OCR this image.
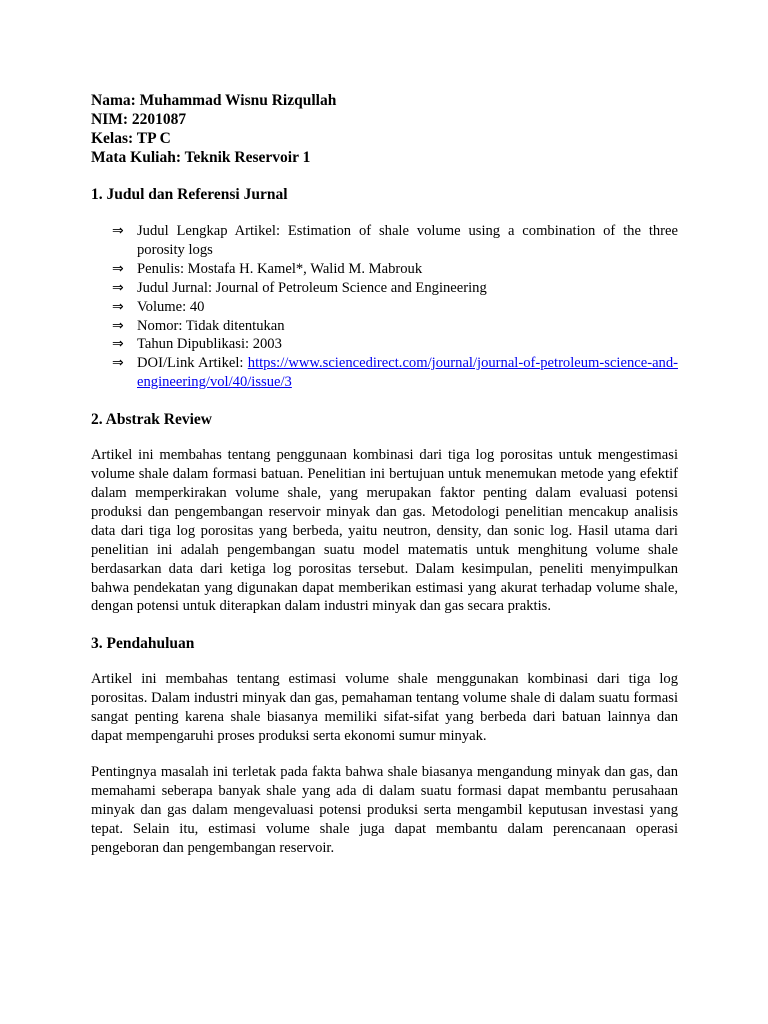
Nama: Muhammad Wisnu Rizqullah
NIM: 2201087
Kelas: TP C
Mata Kuliah: Teknik Reservoir 1
1. Judul dan Referensi Jurnal
⇒ Judul Lengkap Artikel: Estimation of shale volume using a combination of the three porosity logs
⇒ Penulis: Mostafa H. Kamel*, Walid M. Mabrouk
⇒ Judul Jurnal: Journal of Petroleum Science and Engineering
⇒ Volume: 40
⇒ Nomor: Tidak ditentukan
⇒ Tahun Dipublikasi: 2003
⇒ DOI/Link Artikel: https://www.sciencedirect.com/journal/journal-of-petroleum-science-and-engineering/vol/40/issue/3
2. Abstrak Review

Artikel ini membahas tentang penggunaan kombinasi dari tiga log porositas untuk mengestimasi volume shale dalam formasi batuan. Penelitian ini bertujuan untuk menemukan metode yang efektif dalam memperkirakan volume shale, yang merupakan faktor penting dalam evaluasi potensi produksi dan pengembangan reservoir minyak dan gas. Metodologi penelitian mencakup analisis data dari tiga log porositas yang berbeda, yaitu neutron, density, dan sonic log. Hasil utama dari penelitian ini adalah pengembangan suatu model matematis untuk menghitung volume shale berdasarkan data dari ketiga log porositas tersebut. Dalam kesimpulan, peneliti menyimpulkan bahwa pendekatan yang digunakan dapat memberikan estimasi yang akurat terhadap volume shale, dengan potensi untuk diterapkan dalam industri minyak dan gas secara praktis.

3. Pendahuluan

Artikel ini membahas tentang estimasi volume shale menggunakan kombinasi dari tiga log porositas. Dalam industri minyak dan gas, pemahaman tentang volume shale di dalam suatu formasi sangat penting karena shale biasanya memiliki sifat-sifat yang berbeda dari batuan lainnya dan dapat mempengaruhi proses produksi serta ekonomi sumur minyak.

Pentingnya masalah ini terletak pada fakta bahwa shale biasanya mengandung minyak dan gas, dan memahami seberapa banyak shale yang ada di dalam suatu formasi dapat membantu perusahaan minyak dan gas dalam mengevaluasi potensi produksi serta mengambil keputusan investasi yang tepat. Selain itu, estimasi volume shale juga dapat membantu dalam perencanaan operasi pengeboran dan pengembangan reservoir.
